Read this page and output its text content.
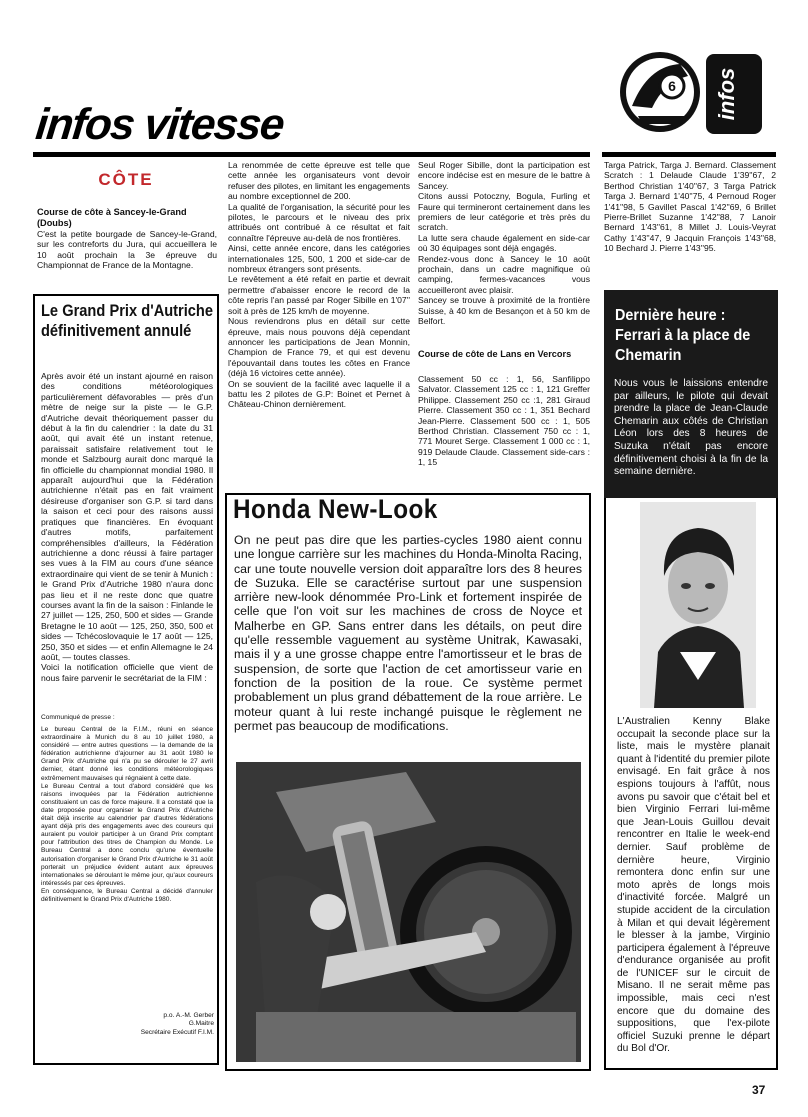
6 infos
infos vitesse
CÔTE

Course de côte à Sancey-le-Grand (Doubs)

C'est la petite bourgade de Sancey-le-Grand, sur les contreforts du Jura, qui accueillera le 10 août prochain la 3e épreuve du Championnat de France de la Montagne.

Le Grand Prix d'Autriche définitivement annulé
Après avoir été un instant ajourné en raison des conditions météorologiques particulièrement défavorables — près d'un mètre de neige sur la piste — le G.P. d'Autriche devait théoriquement passer du début à la fin du calendrier : la date du 31 août, qui avait été un instant retenue, paraissait satisfaire relativement tout le monde et Salzbourg aurait donc marqué la fin officielle du championnat mondial 1980. Il apparaît aujourd'hui que la Fédération autrichienne n'était pas en fait vraiment désireuse d'organiser son G.P. si tard dans la saison et ceci pour des raisons aussi pratiques que financières. En évoquant d'autres motifs, parfaitement compréhensibles d'ailleurs, la Fédération autrichienne a donc réussi à faire partager ses vues à la FIM au cours d'une séance extraordinaire qui vient de se tenir à Munich : le Grand Prix d'Autriche 1980 n'aura donc pas lieu et il ne reste donc que quatre courses avant la fin de la saison : Finlande le 27 juillet — 125, 250, 500 et sides — Grande Bretagne le 10 août — 125, 250, 350, 500 et sides — Tchécoslovaquie le 17 août — 125, 250, 350 et sides — et enfin Allemagne le 24 août, — toutes classes.
Voici la notification officielle que vient de nous faire parvenir le secrétariat de la FIM :

Communiqué de presse :

Le bureau Central de la F.I.M., réuni en séance extraordinaire à Munich du 8 au 10 juillet 1980, a considéré — entre autres questions — la demande de la fédération autrichienne d'ajourner au 31 août 1980 le Grand Prix d'Autriche qui n'a pu se dérouler le 27 avril dernier, étant donné les conditions météorologiques extrêmement mauvaises qui régnaient à cette date.
Le Bureau Central a tout d'abord considéré que les raisons invoquées par la Fédération autrichienne constituaient un cas de force majeure. Il a constaté que la date proposée pour organiser le Grand Prix d'Autriche était déjà inscrite au calendrier par d'autres fédérations ayant déjà pris des engagements avec des coureurs qui auraient pu vouloir participer à un Grand Prix comptant pour l'attribution des titres de Champion du Monde. Le Bureau Central a donc conclu qu'une éventuelle autorisation d'organiser le Grand Prix d'Autriche le 31 août porterait un préjudice évident autant aux épreuves internationales se déroulant le même jour, qu'aux coureurs intéressés par ces épreuves.
En conséquence, le Bureau Central a décidé d'annuler définitivement le Grand Prix d'Autriche 1980.

p.o. A.-M. Gerber
G.Maitre
Secrétaire Exécutif F.I.M.
La renommée de cette épreuve est telle que cette année les organisateurs vont devoir refuser des pilotes, en limitant les engagements au nombre exceptionnel de 200.
La qualité de l'organisation, la sécurité pour les pilotes, le parcours et le niveau des prix attribués ont contribué à ce résultat et fait connaître l'épreuve au-delà de nos frontières.
Ainsi, cette année encore, dans les catégories internationales 125, 500, 1 200 et side-car de nombreux étrangers sont présents.
Le revêtement a été refait en partie et devrait permettre d'abaisser encore le record de la côte repris l'an passé par Roger Sibille en 1'07'' soit à près de 125 km/h de moyenne.
Nous reviendrons plus en détail sur cette épreuve, mais nous pouvons déjà cependant annoncer les participations de Jean Monnin, Champion de France 79, et qui est devenu l'épouvantail dans toutes les côtes en France (déjà 16 victoires cette année).
On se souvient de la facilité avec laquelle il a battu les 2 pilotes de G.P: Boinet et Pernet à Château-Chinon dernièrement.
Seul Roger Sibille, dont la participation est encore indécise est en mesure de le battre à Sancey.
Citons aussi Potoczny, Bogula, Furling et Faure qui termineront certainement dans les premiers de leur catégorie et très près du scratch.
La lutte sera chaude également en side-car où 30 équipages sont déjà engagés.
Rendez-vous donc à Sancey le 10 août prochain, dans un cadre magnifique où camping, fermes-vacances vous accueilleront avec plaisir.
Sancey se trouve à proximité de la frontière Suisse, à 40 km de Besançon et à 50 km de Belfort.
Course de côte de Lans en Vercors
Classement 50 cc : 1, 56, Sanfilippo Salvator. Classement 125 cc : 1, 121 Greffer Philippe. Classement 250 cc :1, 281 Giraud Pierre. Classement 350 cc : 1, 351 Bechard Jean-Pierre. Classement 500 cc : 1, 505 Berthod Christian. Classement 750 cc : 1, 771 Mouret Serge. Classement 1 000 cc : 1, 919 Delaude Claude. Classement side-cars : 1, 15
Targa Patrick, Targa J. Bernard. Classement Scratch : 1 Delaude Claude 1'39''67, 2 Berthod Christian 1'40''67, 3 Targa Patrick Targa J. Bernard 1'40''75, 4 Pernoud Roger 1'41''98, 5 Gavillet Pascal 1'42''69, 6 Brillet Pierre-Brillet Suzanne 1'42''88, 7 Lanoir Bernard 1'43''61, 8 Millet J. Louis-Veyrat Cathy 1'43''47, 9 Jacquin François 1'43''68, 10 Bechard J. Pierre 1'43''95.
Dernière heure : Ferrari à la place de Chemarin
Nous vous le laissions entendre par ailleurs, le pilote qui devait prendre la place de Jean-Claude Chemarin aux côtés de Christian Léon lors des 8 heures de Suzuka n'était pas encore définitivement choisi à la fin de la semaine dernière.
L'Australien Kenny Blake occupait la seconde place sur la liste, mais le mystère planait quant à l'identité du premier pilote envisagé. En fait grâce à nos espions toujours à l'affût, nous avons pu savoir que c'était bel et bien Virginio Ferrari lui-même que Jean-Louis Guillou devait rencontrer en Italie le week-end dernier. Sauf problème de dernière heure, Virginio remontera donc enfin sur une moto après de longs mois d'inactivité forcée. Malgré un stupide accident de la circulation à Milan et qui devait légèrement le blesser à la jambe, Virginio participera également à l'épreuve d'endurance organisée au profit de l'UNICEF sur le circuit de Misano. Il ne serait même pas impossible, mais ceci n'est encore que du domaine des suppositions, que l'ex-pilote officiel Suzuki prenne le départ du Bol d'Or.
Honda New-Look
On ne peut pas dire que les parties-cycles 1980 aient connu une longue carrière sur les machines du Honda-Minolta Racing, car une toute nouvelle version doit apparaître lors des 8 heures de Suzuka. Elle se caractérise surtout par une suspension arrière new-look dénommée Pro-Link et fortement inspirée de celle que l'on voit sur les machines de cross de Noyce et Malherbe en GP. Sans entrer dans les détails, on peut dire qu'elle ressemble vaguement au système Unitrak, Kawasaki, mais il y a une grosse chappe entre l'amortisseur et le bras de suspension, de sorte que l'action de cet amortisseur varie en fonction de la position de la roue. Ce système permet probablement un plus grand débattement de la roue arrière. Le moteur quant à lui reste inchangé puisque le règlement ne permet pas beaucoup de modifications.
37
